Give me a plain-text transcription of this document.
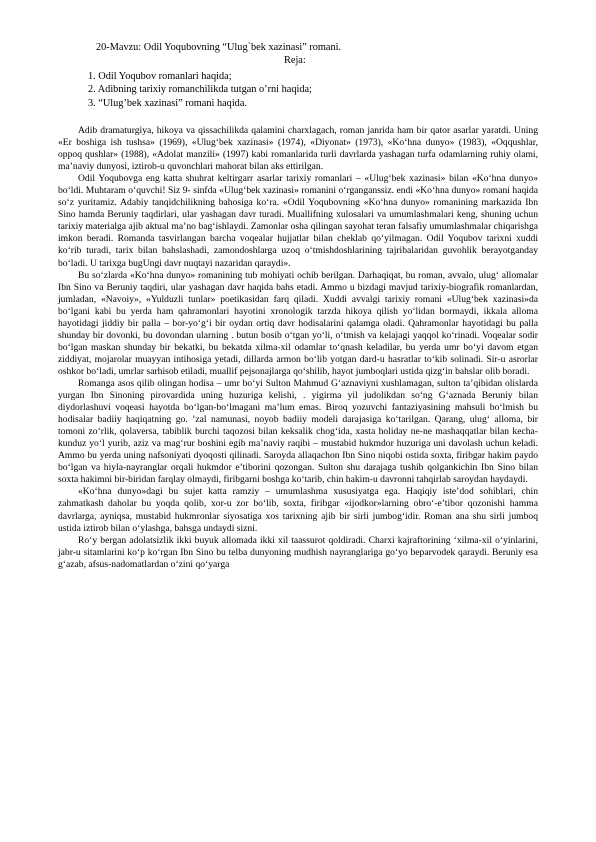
20-Mavzu: Odil Yoqubovning “Ulug`bek xazinasi” romani.
Reja:
1. Odil Yoqubov romanlari haqida;
2. Adibning tarixiy romanchilikda tutgan o’rni haqida;
3. “Ulug’bek xazinasi” romani haqida.

Adib dramaturgiya, hikoya va qissachilikda qalamini charxlagach, roman janrida ham bir qator asarlar yaratdi. Uning «Er boshiga ish tushsa» (1969), «Ulug‘bek xazinasi» (1974), «Diyonat» (1973), «Ko‘hna dunyo» (1983), «Oqqushlar, oppoq qushlar» (1988), «Adolat manzili» (1997) kabi romanlarida turli davrlarda yashagan turfa odamlarning ruhiy olami, ma’naviy dunyosi, iztirob-u quvonchlari mahorat bilan aks ettirilgan.

Odil Yoqubovga eng katta shuhrat keltirgarr asarlar tarixiy romanlari – «Ulug‘bek xazinasi» bilan «Ko‘hna dunyo» bo‘ldi. Muhtaram o‘quvchi! Siz 9- sinfda «Ulug‘bek xazinasi» romanini o‘rganganssiz. endi «Ko‘hna dunyo» romani haqida so‘z yuritamiz. Adabiy tanqidchilikning bahosiga ko‘ra. «Odil Yoqubovning «Ko‘hna dunyo» romanining markazida Ibn Sino hamda Beruniy taqdirlari, ular yashagan davr turadi. Muallifning xulosalari va umumlashmalari keng, shuning uchun tarixiy materialga ajib aktual ma’no bag‘ishlaydi. Zamonlar osha qilingan sayohat teran falsafiy umumlashmalar chiqarishga imkon beradi. Romanda tasvirlangan barcha voqealar hujjatlar bilan cheklab qo‘yilmagan. Odil Yoqubov tarixni xuddi ko‘rib turadi, tarix bilan bahslashadi, zamondoshlarga uzoq o‘tmishdoshlarining tajribalaridan guvohlik berayotganday bo‘ladi. U tarixga bugUngi davr nuqtayi nazaridan qaraydi».

Bu so‘zlarda «Ko‘hna dunyo» romanining tub mohiyati ochib berilgan. Darhaqiqat, bu roman, avvalo, ulug‘ allomalar Ibn Sino va Beruniy taqdiri, ular yashagan davr haqida bahs etadi. Ammo u bizdagi mavjud tarixiy-biografik romanlardan, jumladan, «Navoiy», «Yulduzli tunlar» poetikasidan farq qiladi. Xuddi avvalgi tarixiy romani «Ulug‘bek xazinasi»da bo‘lgani kabi bu yerda ham qahramonlari hayotini xronologik tarzda hikoya qilish yo‘lidan bormaydi, ikkala alloma hayotidagi jiddiy bir palla – bor-yo‘g‘i bir oydan ortiq davr hodisalarini qalamga oladi. Qahramonlar hayotidagi bu palla shunday bir dovonki, bu dovondan ularning . butun bosib o‘tgan yo‘li, o‘tmish va kelajagi yaqqol ko‘rinadi. Voqealar sodir bo‘lgan maskan shunday bir bekatki, bu bekatda xilma-xil odamlar to‘qnash keladilar, bu yerda umr bo‘yi davom etgan ziddiyat, mojarolar muayyan intihosiga yetadi, dillarda armon bo‘lib yotgan dard-u hasratlar to‘kib solinadi. Sir-u asrorlar oshkor bo‘ladi, umrlar sarhisob etiladi, muallif pejsonajlarga qo‘shilib, hayot jumboqlari ustida qizg‘in bahslar olib boradi.

Romanga asos qilib olingan hodisa – umr bo‘yi Sulton Mahmud G‘aznaviyni xushlamagan, sulton ta’qibidan olislarda yurgan Ibn Sinoning pirovardida uning huzuriga kelishi, . yigirma yil judolikdan so‘ng G‘aznada Beruniy bilan diydorlashuvi voqeasi hayotda bo‘lgan-bo‘lmagani ma’lum emas. Biroq yozuvchi fantaziyasining mahsuli bo‘lmish bu hodisalar badiiy haqiqatning go. ’zal namunasi, noyob badiiy modeli darajasiga ko‘tarilgan. Qarang, ulug‘ alloma, bir tomoni zo‘rlik, qolaversa, tabiblik burchi taqozosi bilan keksalik chog‘ida, xasta holiday ne-ne mashaqqatlar bilan kecha-kunduz yo‘l yurib, aziz va mag‘rur boshini egib ma’naviy raqibi – mustabid hukmdor huzuriga uni davolash uchun keladi. Ammo bu yerda uning nafsoniyati dyoqosti qilinadi. Saroyda allaqachon Ibn Sino niqobi ostida soxta, firibgar hakim paydo bo‘lgan va hiyla-nayranglar orqali hukmdor e’tiborini qozongan. Sulton shu darajaga tushib qolgankichin Ibn Sino bilan soxta hakimni bir-biridan farqlay olmaydi, firibgarni boshga ko‘tarib, chin hakim-u davronni tahqirlab saroydan haydaydi.

«Ko‘hna dunyo»dagi bu sujet katta ramziy – umumlashma xususiyatga ega. Haqiqiy iste’dod sohiblari, chin zahmatkash daholar bu yoqda qolib, xor-u zor bo‘lib, soxta, firibgar «ijodkor»larning obro‘-e’tibor qozonishi hamma davrlarga, ayniqsa, mustabid hukmronlar siyosatiga xos tarixning ajib bir sirli jumbog‘idir. Roman ana shu sirli jumboq ustida iztirob bilan o‘ylashga, bahsga undaydi sizni.

Ro‘y bergan adolatsizlik ikki buyuk allomada ikki xil taassurot qoldiradi. Charxi kajraftorining ‘xilma-xil o‘yinlarini, jabr-u sitamlarini ko‘p ko‘rgan Ibn Sino bu telba dunyoning mudhish nayranglariga go‘yo beparvodek qaraydi. Beruniy esa g‘azab, afsus-nadomatlardan o‘zini qo‘yarga
